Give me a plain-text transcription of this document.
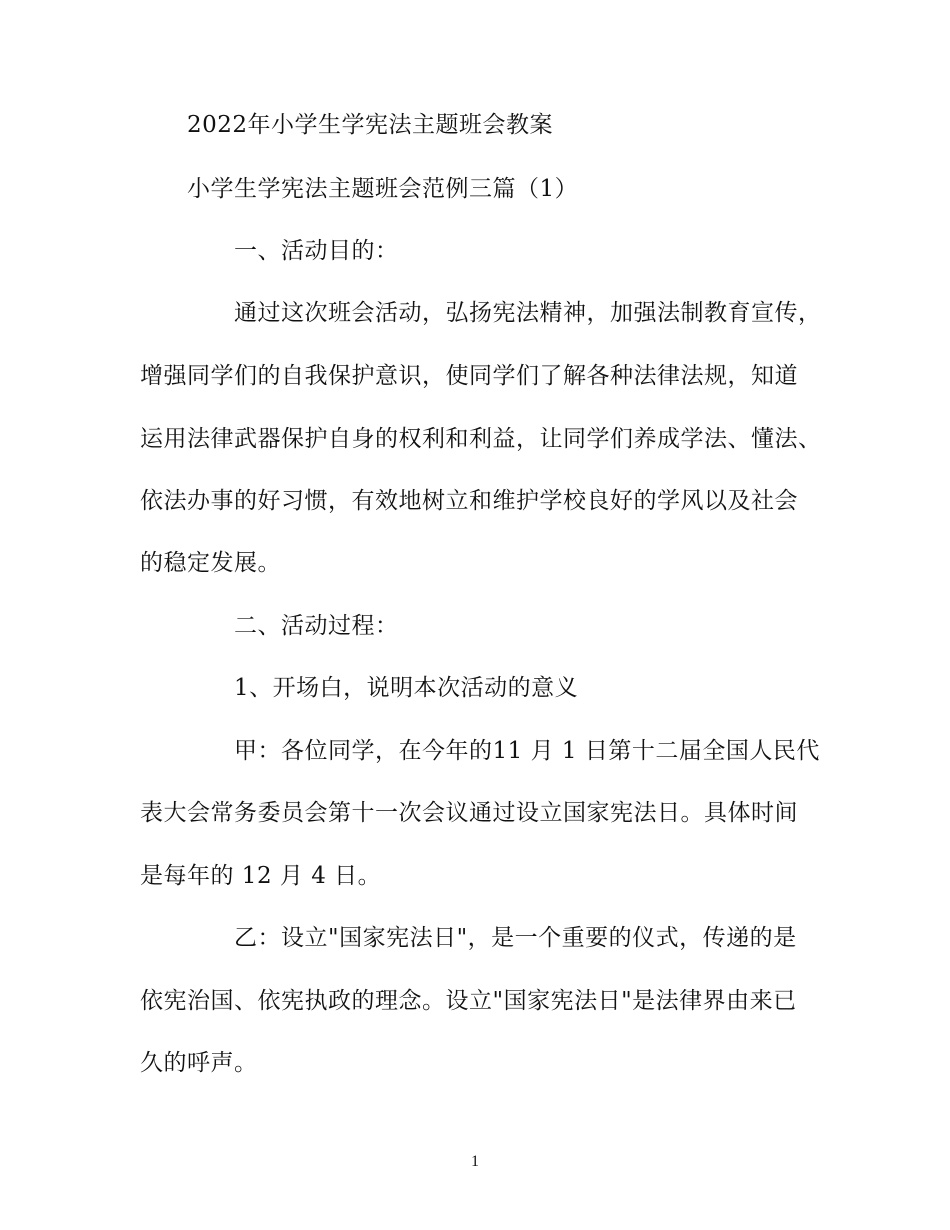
2022年小学生学宪法主题班会教案
小学生学宪法主题班会范例三篇（1）
一、活动目的：
通过这次班会活动，弘扬宪法精神，加强法制教育宣传，
增强同学们的自我保护意识，使同学们了解各种法律法规，知道
运用法律武器保护自身的权利和利益，让同学们养成学法、懂法、
依法办事的好习惯，有效地树立和维护学校良好的学风以及社会
的稳定发展。
二、活动过程：
1、开场白，说明本次活动的意义
甲：各位同学，在今年的11 月 1 日第十二届全国人民代
表大会常务委员会第十一次会议通过设立国家宪法日。具体时间
是每年的 12 月 4 日。
乙：设立"国家宪法日"，是一个重要的仪式，传递的是
依宪治国、依宪执政的理念。设立"国家宪法日"是法律界由来已
久的呼声。
1
